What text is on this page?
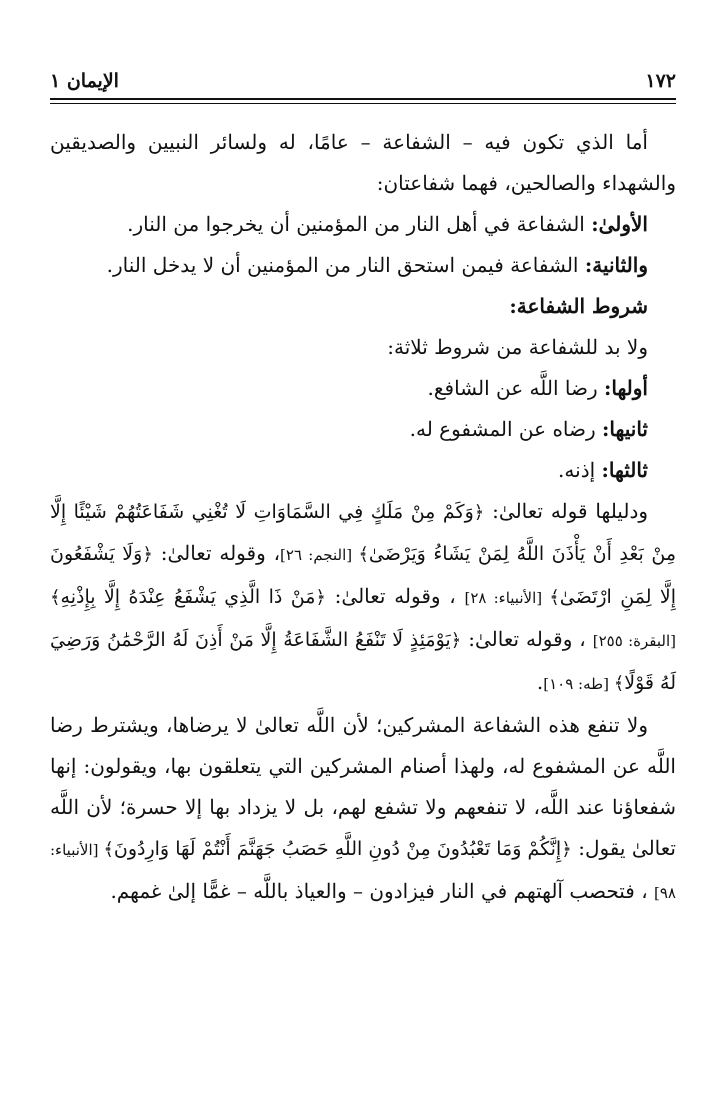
١٧٢
الإيمان ١

أما الذي تكون فيه – الشفاعة – عامًا، له ولسائر النبيين والصديقين والشهداء والصالحين، فهما شفاعتان:

الأولىٰ: الشفاعة في أهل النار من المؤمنين أن يخرجوا من النار.

والثانية: الشفاعة فيمن استحق النار من المؤمنين أن لا يدخل النار.

شروط الشفاعة:

ولا بد للشفاعة من شروط ثلاثة:

أولها: رضا اللَّه عن الشافع.

ثانيها: رضاه عن المشفوع له.

ثالثها: إذنه.

ودليلها قوله تعالىٰ: ﴿وَكَمْ مِنْ مَلَكٍ فِي السَّمَاوَاتِ لَا تُغْنِي شَفَاعَتُهُمْ شَيْئًا إِلَّا مِنْ بَعْدِ أَنْ يَأْذَنَ اللَّهُ لِمَنْ يَشَاءُ وَيَرْضَىٰ﴾ [النجم: ٢٦]، وقوله تعالىٰ: ﴿وَلَا يَشْفَعُونَ إِلَّا لِمَنِ ارْتَضَىٰ﴾ [الأنبياء: ٢٨] ، وقوله تعالىٰ: ﴿مَنْ ذَا الَّذِي يَشْفَعُ عِنْدَهُ إِلَّا بِإِذْنِهِ﴾ [البقرة: ٢٥٥] ، وقوله تعالىٰ: ﴿يَوْمَئِذٍ لَا تَنْفَعُ الشَّفَاعَةُ إِلَّا مَنْ أَذِنَ لَهُ الرَّحْمَٰنُ وَرَضِيَ لَهُ قَوْلًا﴾ [طه: ١٠٩].

ولا تنفع هذه الشفاعة المشركين؛ لأن اللَّه تعالىٰ لا يرضاها، ويشترط رضا اللَّه عن المشفوع له، ولهذا أصنام المشركين التي يتعلقون بها، ويقولون: إنها شفعاؤنا عند اللَّه، لا تنفعهم ولا تشفع لهم، بل لا يزداد بها إلا حسرة؛ لأن اللَّه تعالىٰ يقول: ﴿إِنَّكُمْ وَمَا تَعْبُدُونَ مِنْ دُونِ اللَّهِ حَصَبُ جَهَنَّمَ أَنْتُمْ لَهَا وَارِدُونَ﴾ [الأنبياء: ٩٨] ، فتحصب آلهتهم في النار فيزادون – والعياذ باللَّه – غمًّا إلىٰ غمهم.
